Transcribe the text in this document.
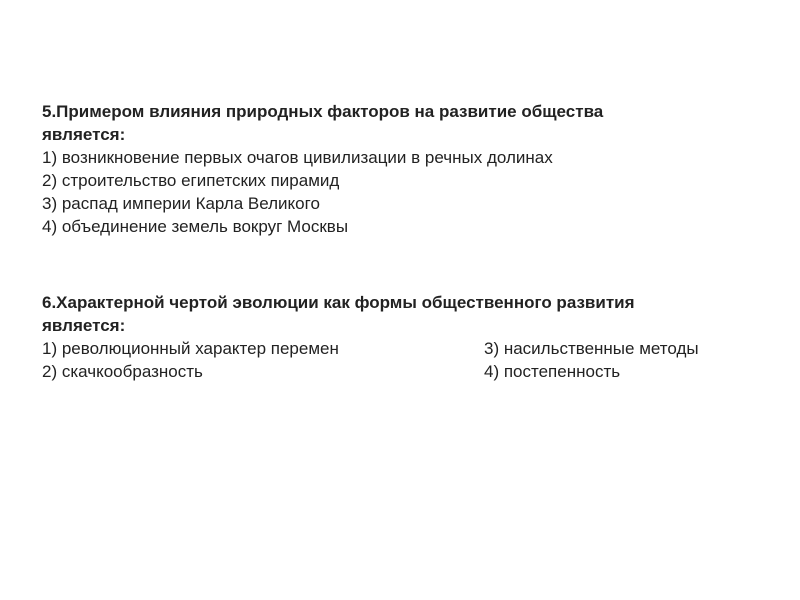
5.Примером влияния природных факторов на развитие общества
является:
1) возникновение первых очагов цивилизации в речных долинах
2) строительство египетских пирамид
3) распад империи Карла Великого
4) объединение земель вокруг Москвы
6.Характерной чертой эволюции как формы общественного развития
является:
1) революционный характер перемен	3) насильственные методы
2) скачкообразность	4) постепенность
